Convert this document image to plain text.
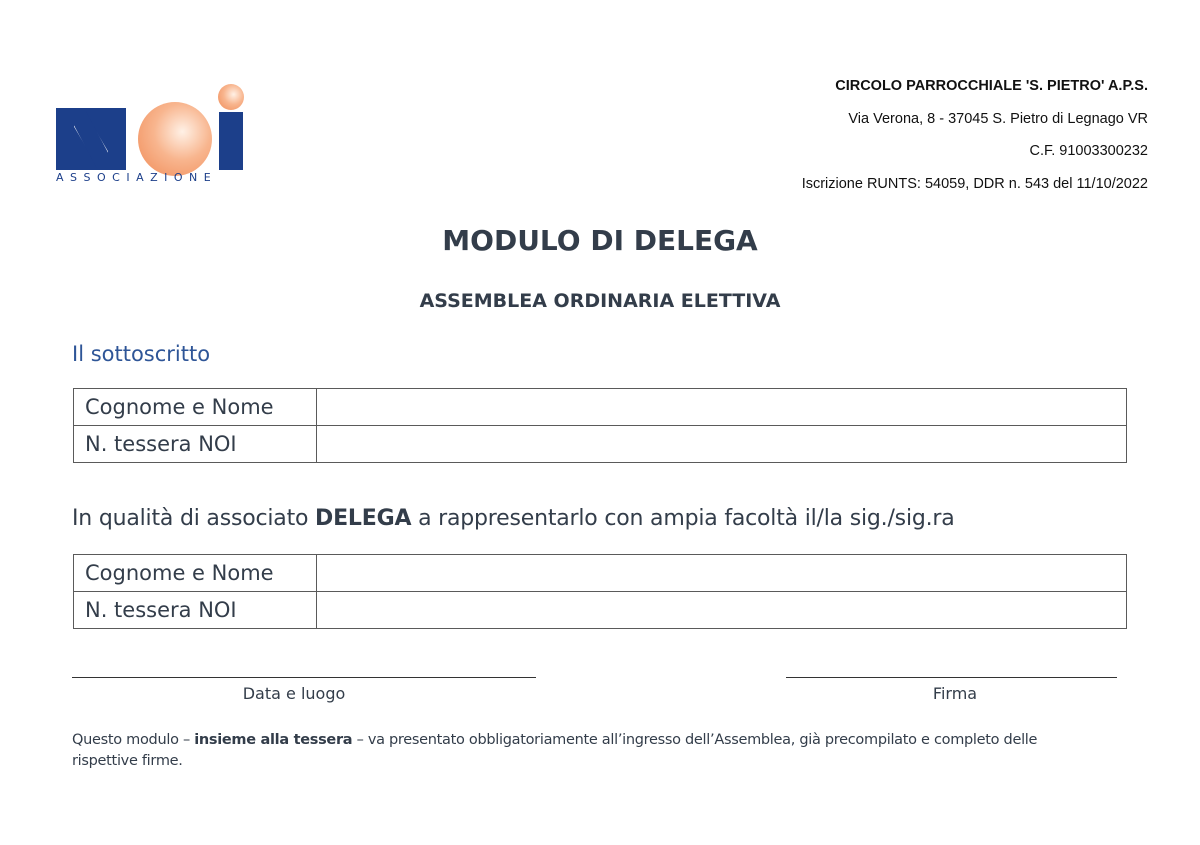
ASSOCIAZIONE
CIRCOLO PARROCCHIALE 'S. PIETRO' A.P.S.
Via Verona, 8 - 37045 S. Pietro di Legnago VR
C.F. 91003300232
Iscrizione RUNTS: 54059, DDR n. 543 del 11/10/2022
MODULO DI DELEGA
ASSEMBLEA ORDINARIA ELETTIVA
Il sottoscritto
Cognome e Nome	
N. tessera NOI	
In qualità di associato DELEGA a rappresentarlo con ampia facoltà il/la sig./sig.ra
Cognome e Nome	
N. tessera NOI	
Data e luogo	Firma
Questo modulo – insieme alla tessera – va presentato obbligatoriamente all’ingresso dell’Assemblea, già precompilato e completo delle rispettive firme.
